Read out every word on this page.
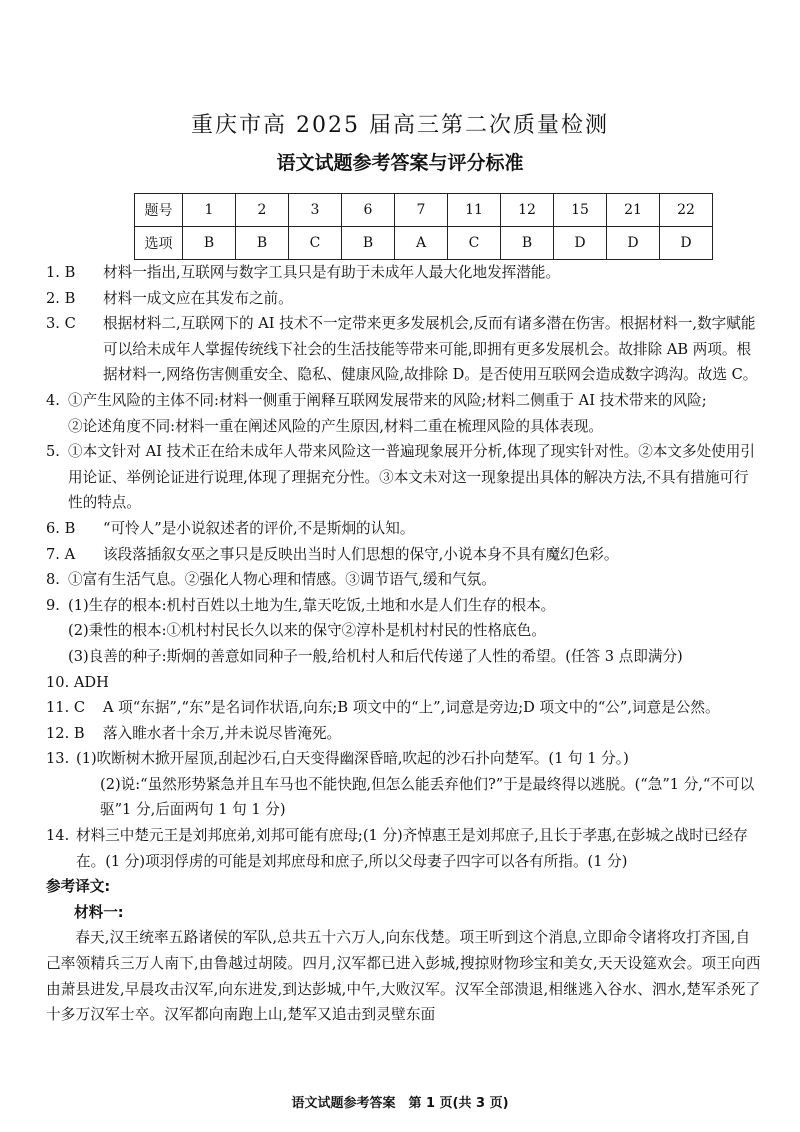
重庆市高 2025 届高三第二次质量检测
语文试题参考答案与评分标准
题号	1	2	3	6	7	11	12	15	21	22
选项	B	B	C	B	A	C	B	D	D	D
1. B 材料一指出,互联网与数字工具只是有助于未成年人最大化地发挥潜能。
2. B 材料一成文应在其发布之前。
3. C 根据材料二,互联网下的 AI 技术不一定带来更多发展机会,反而有诸多潜在伤害。根据材料一,数字赋能可以给未成年人掌握传统线下社会的生活技能等带来可能,即拥有更多发展机会。故排除 AB 两项。根据材料一,网络伤害侧重安全、隐私、健康风险,故排除 D。是否使用互联网会造成数字鸿沟。故选 C。
4. ①产生风险的主体不同:材料一侧重于阐释互联网发展带来的风险;材料二侧重于 AI 技术带来的风险;
②论述角度不同:材料一重在阐述风险的产生原因,材料二重在梳理风险的具体表现。
5. ①本文针对 AI 技术正在给未成年人带来风险这一普遍现象展开分析,体现了现实针对性。②本文多处使用引用论证、举例论证进行说理,体现了理据充分性。③本文未对这一现象提出具体的解决方法,不具有措施可行性的特点。
6. B “可怜人”是小说叙述者的评价,不是斯炯的认知。
7. A 该段落插叙女巫之事只是反映出当时人们思想的保守,小说本身不具有魔幻色彩。
8. ①富有生活气息。②强化人物心理和情感。③调节语气,缓和气氛。
9. (1)生存的根本:机村百姓以土地为生,靠天吃饭,土地和水是人们生存的根本。
(2)秉性的根本:①机村村民长久以来的保守②淳朴是机村村民的性格底色。
(3)良善的种子:斯炯的善意如同种子一般,给机村人和后代传递了人性的希望。(任答 3 点即满分)
10. ADH
11. C A 项“东据”,“东”是名词作状语,向东;B 项文中的“上”,词意是旁边;D 项文中的“公”,词意是公然。
12. B 落入睢水者十余万,并未说尽皆淹死。
13. (1)吹断树木掀开屋顶,刮起沙石,白天变得幽深昏暗,吹起的沙石扑向楚军。(1 句 1 分。)
(2)说:“虽然形势紧急并且车马也不能快跑,但怎么能丢弃他们?”于是最终得以逃脱。(“急”1 分,“不可以驱”1 分,后面两句 1 句 1 分)
14. 材料三中楚元王是刘邦庶弟,刘邦可能有庶母;(1 分)齐悼惠王是刘邦庶子,且长于孝惠,在彭城之战时已经存在。(1 分)项羽俘虏的可能是刘邦庶母和庶子,所以父母妻子四字可以各有所指。(1 分)
参考译文:
材料一:
春天,汉王统率五路诸侯的军队,总共五十六万人,向东伐楚。项王听到这个消息,立即命令诸将攻打齐国,自己率领精兵三万人南下,由鲁越过胡陵。四月,汉军都已进入彭城,搜掠财物珍宝和美女,天天设筵欢会。项王向西由萧县进发,早晨攻击汉军,向东进发,到达彭城,中午,大败汉军。汉军全部溃退,相继逃入谷水、泗水,楚军杀死了十多万汉军士卒。汉军都向南跑上山,楚军又追击到灵壁东面
语文试题参考答案　第 1 页(共 3 页)
